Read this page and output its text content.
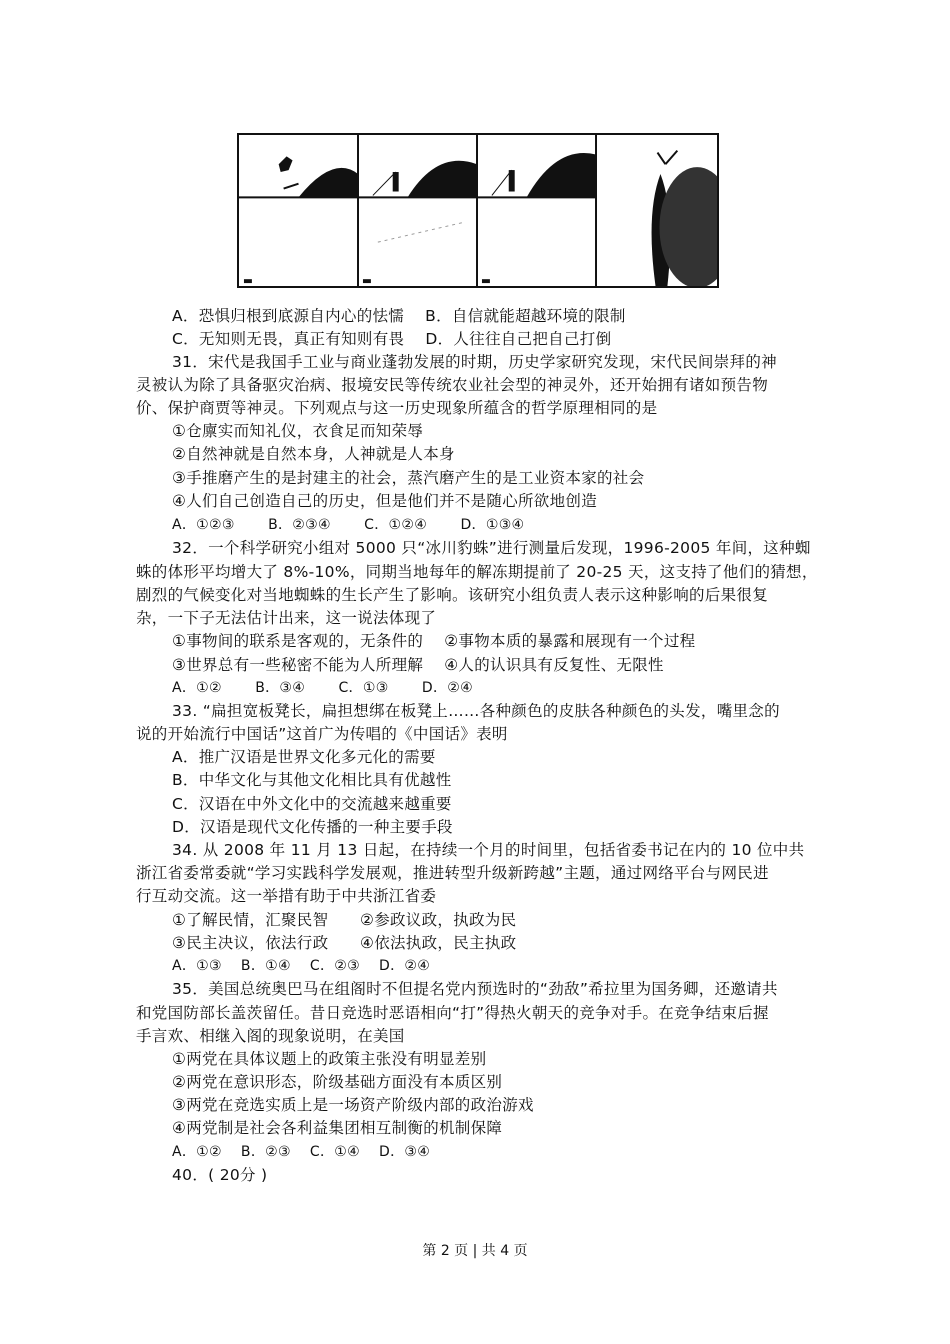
A．恐惧归根到底源自内心的怯懦　 B．自信就能超越环境的限制
C．无知则无畏，真正有知则有畏　 D．人往往自己把自己打倒
31．宋代是我国手工业与商业蓬勃发展的时期，历史学家研究发现，宋代民间崇拜的神
灵被认为除了具备驱灾治病、报境安民等传统农业社会型的神灵外，还开始拥有诸如预告物
价、保护商贾等神灵。下列观点与这一历史现象所蕴含的哲学原理相同的是
①仓廪实而知礼仪，衣食足而知荣辱
②自然神就是自然本身，人神就是人本身
③手推磨产生的是封建主的社会，蒸汽磨产生的是工业资本家的社会
④人们自己创造自己的历史，但是他们并不是随心所欲地创造
A．①②③　　 B．②③④　　 C．①②④　　 D．①③④
32．一个科学研究小组对 5000 只“冰川豹蛛”进行测量后发现，1996-2005 年间，这种蜘
蛛的体形平均增大了 8%-10%，同期当地每年的解冻期提前了 20-25 天，这支持了他们的猜想，
剧烈的气候变化对当地蜘蛛的生长产生了影响。该研究小组负责人表示这种影响的后果很复
杂，一下子无法估计出来，这一说法体现了
①事物间的联系是客观的，无条件的　 ②事物本质的暴露和展现有一个过程
③世界总有一些秘密不能为人所理解　 ④人的认识具有反复性、无限性
A．①②　　 B．③④　　 C．①③　　 D．②④
33. “扁担宽板凳长，扁担想绑在板凳上……各种颜色的皮肤各种颜色的头发，嘴里念的
说的开始流行中国话”这首广为传唱的《中国话》表明
A．推广汉语是世界文化多元化的需要
B．中华文化与其他文化相比具有优越性
C．汉语在中外文化中的交流越来越重要
D．汉语是现代文化传播的一种主要手段
34. 从 2008 年 11 月 13 日起，在持续一个月的时间里，包括省委书记在内的 10 位中共
浙江省委常委就“学习实践科学发展观，推进转型升级新跨越”主题，通过网络平台与网民进
行互动交流。这一举措有助于中共浙江省委
①了解民情，汇聚民智　　②参政议政，执政为民
③民主决议，依法行政　　④依法执政，民主执政
A．①③　 B．①④　 C．②③　 D．②④
35．美国总统奥巴马在组阁时不但提名党内预选时的“劲敌”希拉里为国务卿，还邀请共
和党国防部长盖茨留任。昔日竞选时恶语相向“打”得热火朝天的竞争对手。在竞争结束后握
手言欢、相继入阁的现象说明，在美国
①两党在具体议题上的政策主张没有明显差别
②两党在意识形态，阶级基础方面没有本质区别
③两党在竞选实质上是一场资产阶级内部的政治游戏
④两党制是社会各利益集团相互制衡的机制保障
A．①②　 B．②③　 C．①④　 D．③④
40．( 20分 )
第 2 页 | 共 4 页
